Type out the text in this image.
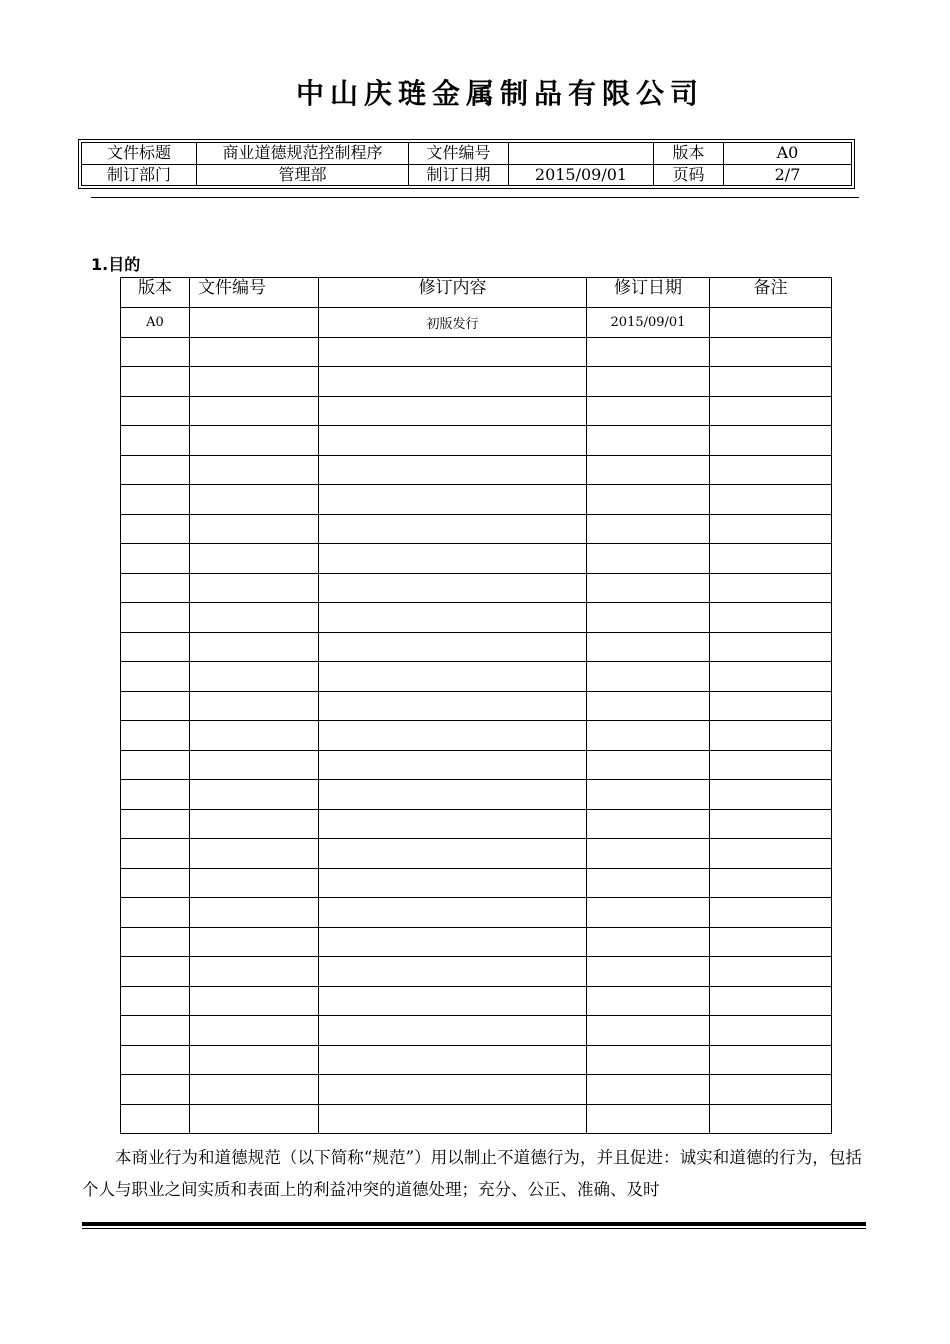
中山庆琏金属制品有限公司
文件标题	商业道德规范控制程序	文件编号		版本	A0
制订部门	管理部	制订日期	2015/09/01	页码	2/7
1.目的
版本	文件编号	修订内容	修订日期	备注
A0		初版发行	2015/09/01	

本商业行为和道德规范（以下简称“规范”）用以制止不道德行为，并且促进：诚实和道德的行为，包括个人与职业之间实质和表面上的利益冲突的道德处理；充分、公正、准确、及时
